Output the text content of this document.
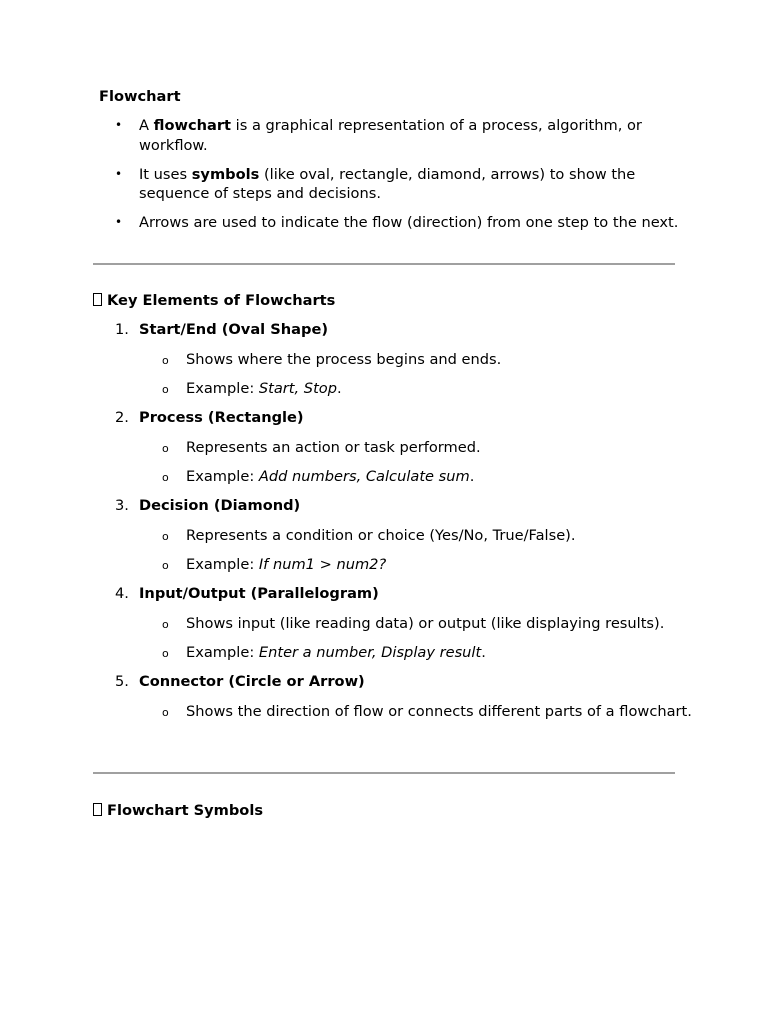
Flowchart
• A flowchart is a graphical representation of a process, algorithm, or workflow.
• It uses symbols (like oval, rectangle, diamond, arrows) to show the sequence of steps and decisions.
• Arrows are used to indicate the flow (direction) from one step to the next.
Key Elements of Flowcharts
1. Start/End (Oval Shape)
o Shows where the process begins and ends.
o Example: Start, Stop.
2. Process (Rectangle)
o Represents an action or task performed.
o Example: Add numbers, Calculate sum.
3. Decision (Diamond)
o Represents a condition or choice (Yes/No, True/False).
o Example: If num1 > num2?
4. Input/Output (Parallelogram)
o Shows input (like reading data) or output (like displaying results).
o Example: Enter a number, Display result.
5. Connector (Circle or Arrow)
o Shows the direction of flow or connects different parts of a flowchart.
Flowchart Symbols
